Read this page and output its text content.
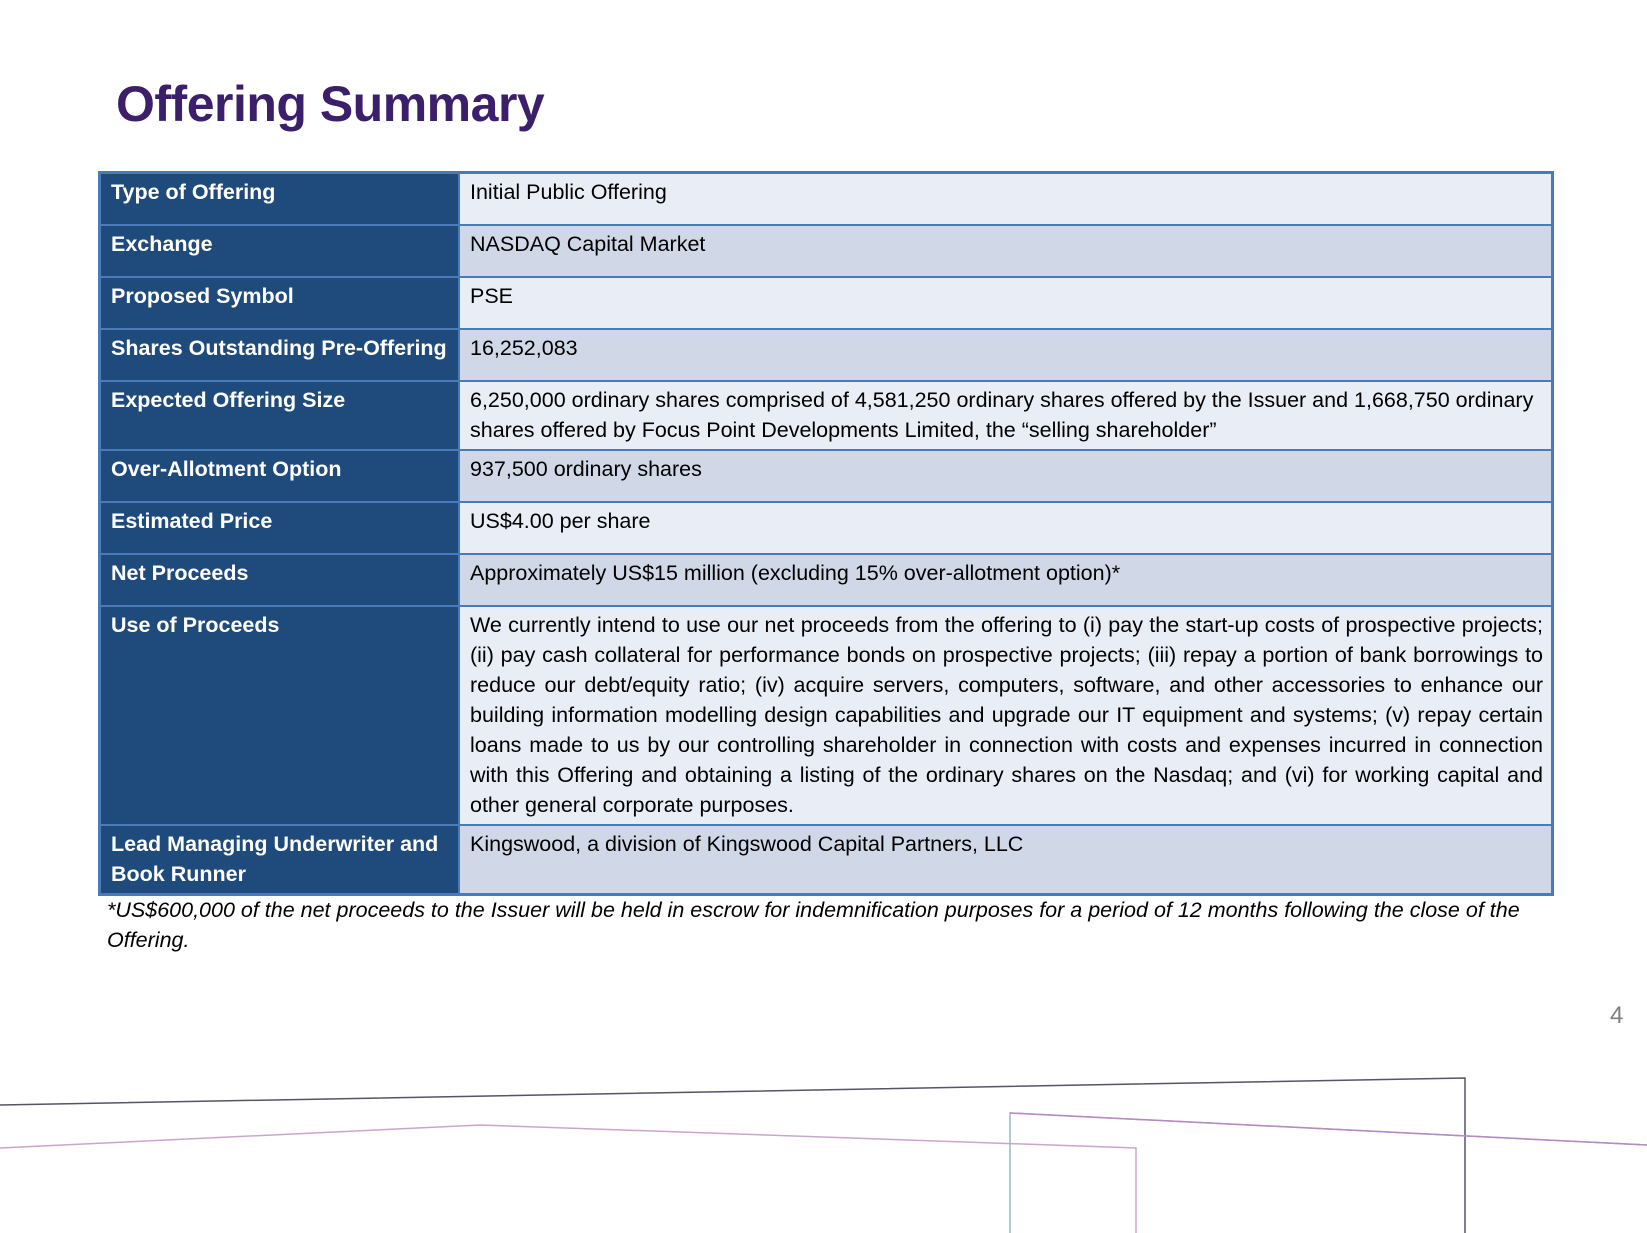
Offering Summary
Type of Offering	Initial Public Offering
Exchange	NASDAQ Capital Market
Proposed Symbol	PSE
Shares Outstanding Pre-Offering	16,252,083
Expected Offering Size	6,250,000 ordinary shares comprised of 4,581,250 ordinary shares offered by the Issuer and 1,668,750 ordinary shares offered by Focus Point Developments Limited, the “selling shareholder”
Over-Allotment Option	937,500 ordinary shares
Estimated Price	US$4.00 per share
Net Proceeds	Approximately US$15 million (excluding 15% over-allotment option)*
Use of Proceeds	We currently intend to use our net proceeds from the offering to (i) pay the start-up costs of prospective projects; (ii) pay cash collateral for performance bonds on prospective projects; (iii) repay a portion of bank borrowings to reduce our debt/equity ratio; (iv) acquire servers, computers, software, and other accessories to enhance our building information modelling design capabilities and upgrade our IT equipment and systems; (v) repay certain loans made to us by our controlling shareholder in connection with costs and expenses incurred in connection with this Offering and obtaining a listing of the ordinary shares on the Nasdaq; and (vi) for working capital and other general corporate purposes.
Lead Managing Underwriter and Book Runner	Kingswood, a division of Kingswood Capital Partners, LLC

*US$600,000 of the net proceeds to the Issuer will be held in escrow for indemnification purposes for a period of 12 months following the close of the Offering.

4
